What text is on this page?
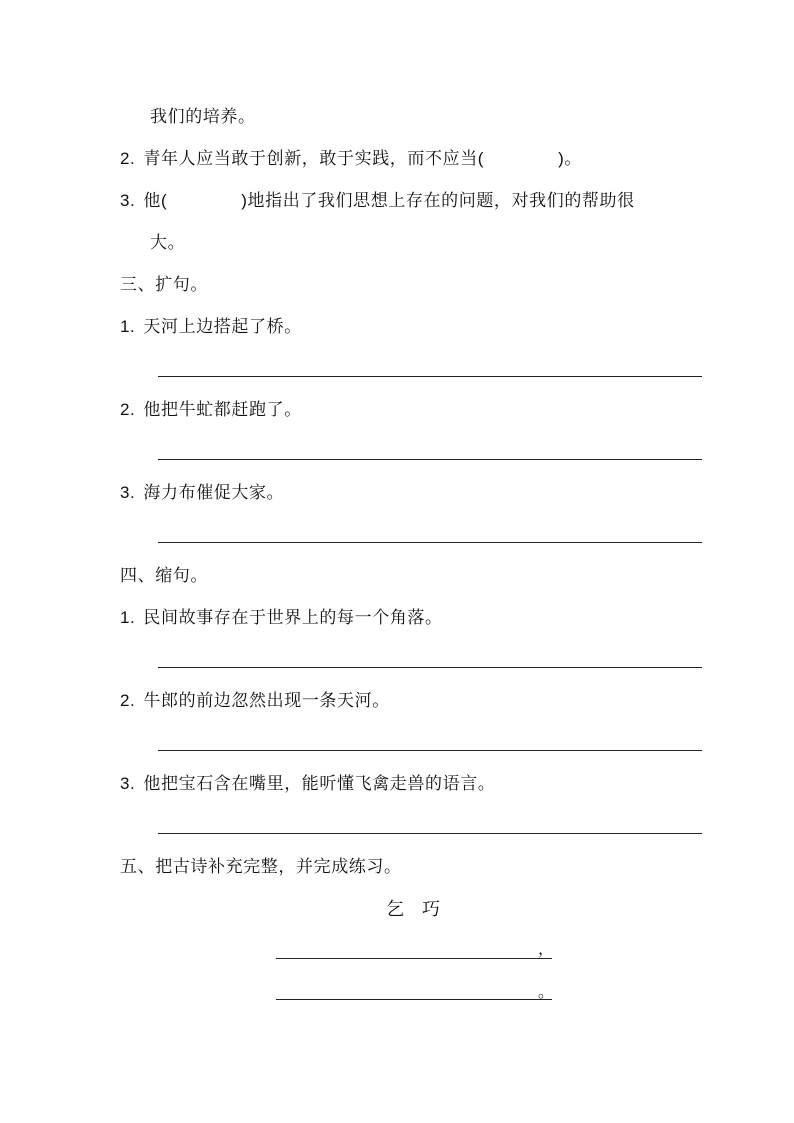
我们的培养。
2. 青年人应当敢于创新，敢于实践，而不应当(	)。
3. 他(	)地指出了我们思想上存在的问题，对我们的帮助很
大。
三、扩句。
1. 天河上边搭起了桥。
2. 他把牛虻都赶跑了。
3. 海力布催促大家。
四、缩句。
1. 民间故事存在于世界上的每一个角落。
2. 牛郎的前边忽然出现一条天河。
3. 他把宝石含在嘴里，能听懂飞禽走兽的语言。
五、把古诗补充完整，并完成练习。
乞巧
，
。
